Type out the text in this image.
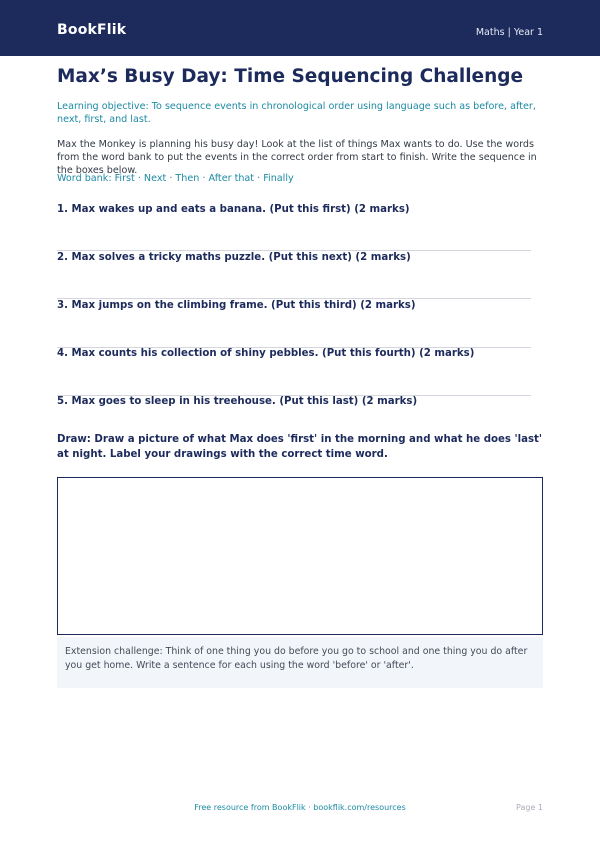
BookFlik	Maths | Year 1
Max’s Busy Day: Time Sequencing Challenge
Learning objective: To sequence events in chronological order using language such as before, after, next, first, and last.
Max the Monkey is planning his busy day! Look at the list of things Max wants to do. Use the words from the word bank to put the events in the correct order from start to finish. Write the sequence in the boxes below.
Word bank: First · Next · Then · After that · Finally
1. Max wakes up and eats a banana. (Put this first) (2 marks)
2. Max solves a tricky maths puzzle. (Put this next) (2 marks)
3. Max jumps on the climbing frame. (Put this third) (2 marks)
4. Max counts his collection of shiny pebbles. (Put this fourth) (2 marks)
5. Max goes to sleep in his treehouse. (Put this last) (2 marks)
Draw: Draw a picture of what Max does 'first' in the morning and what he does 'last' at night. Label your drawings with the correct time word.
Extension challenge: Think of one thing you do before you go to school and one thing you do after you get home. Write a sentence for each using the word 'before' or 'after'.
Free resource from BookFlik · bookflik.com/resources	Page 1
